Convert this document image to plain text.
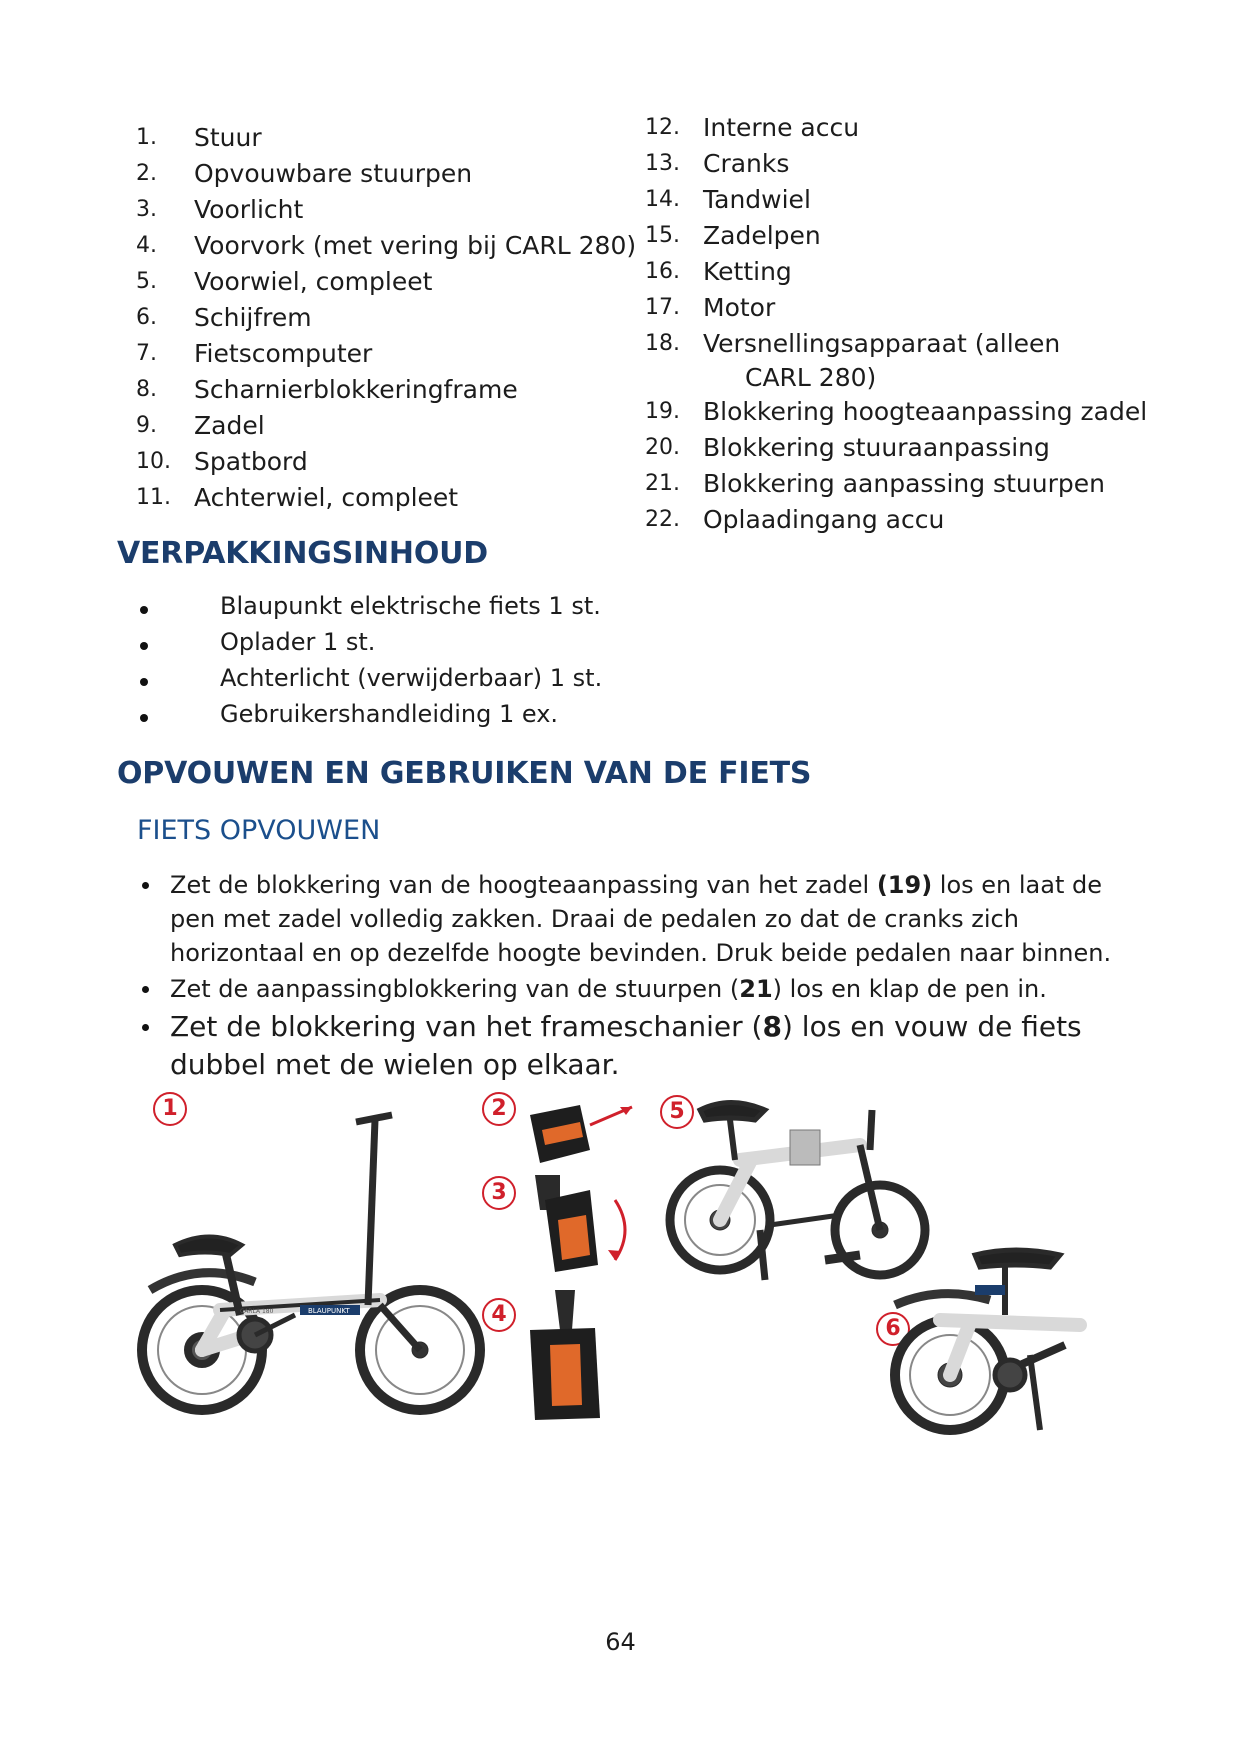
1. Stuur
2. Opvouwbare stuurpen
3. Voorlicht
4. Voorvork (met vering bij CARL 280)
5. Voorwiel, compleet
6. Schijfrem
7. Fietscomputer
8. Scharnierblokkeringframe
9. Zadel
10. Spatbord
11. Achterwiel, compleet
12. Interne accu
13. Cranks
14. Tandwiel
15. Zadelpen
16. Ketting
17. Motor
18. Versnellingsapparaat (alleen
CARL 280)
19. Blokkering hoogteaanpassing zadel
20. Blokkering stuuraanpassing
21. Blokkering aanpassing stuurpen
22. Oplaadingang accu
VERPAKKINGSINHOUD
Blaupunkt elektrische fiets 1 st.
Oplader 1 st.
Achterlicht (verwijderbaar) 1 st.
Gebruikershandleiding 1 ex.
OPVOUWEN EN GEBRUIKEN VAN DE FIETS
FIETS OPVOUWEN
Zet de blokkering van de hoogteaanpassing van het zadel (19) los en laat de pen met zadel volledig zakken. Draai de pedalen zo dat de cranks zich horizontaal en op dezelfde hoogte bevinden. Druk beide pedalen naar binnen.
Zet de aanpassingblokkering van de stuurpen (21) los en klap de pen in.
Zet de blokkering van het frameschanier (8) los en vouw de fiets dubbel met de wielen op elkaar.
1	2
3
4
5
6
BLAUPUNKT
CARLA 180
64
